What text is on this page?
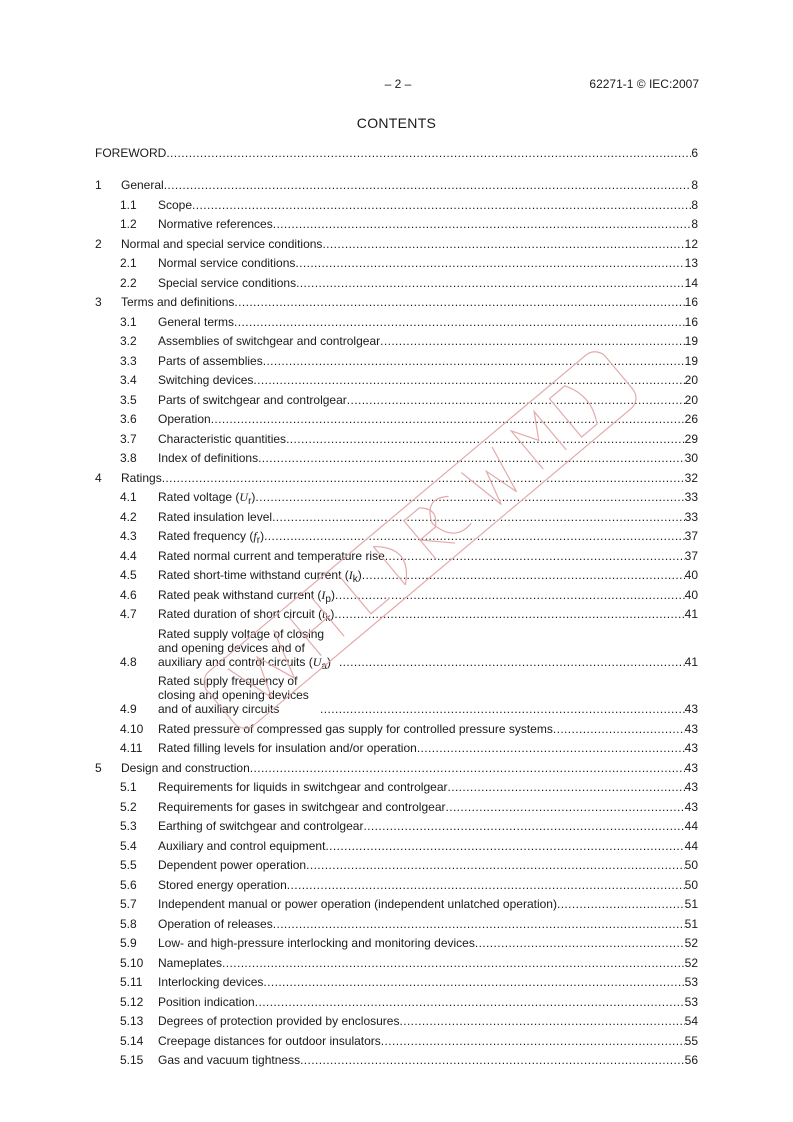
– 2 –	62271-1 © IEC:2007
CONTENTS
FOREWORD .....	6
1	General .....	8
1.1	Scope .....	8
1.2	Normative references .....	8
2	Normal and special service conditions .....	12
2.1	Normal service conditions .....	13
2.2	Special service conditions .....	14
3	Terms and definitions .....	16
3.1	General terms .....	16
3.2	Assemblies of switchgear and controlgear .....	19
3.3	Parts of assemblies .....	19
3.4	Switching devices .....	20
3.5	Parts of switchgear and controlgear .....	20
3.6	Operation .....	26
3.7	Characteristic quantities .....	29
3.8	Index of definitions .....	30
4	Ratings .....	32
4.1	Rated voltage $(U_r)$ .....	33
4.2	Rated insulation level .....	33
4.3	Rated frequency $(f_r)$ .....	37
4.4	Rated normal current and temperature rise .....	37
4.5	Rated short-time withstand current $(I_k)$ .....	40
4.6	Rated peak withstand current $(I_p)$ .....	40
4.7	Rated duration of short circuit $(t_k)$ .....	41
4.8
Rated supply voltage of closing and opening devices and of auxiliary and control circuits $(U_a)$ .....	41
4.9
Rated supply frequency of closing and opening devices and of auxiliary circuits .....	43
4.10	Rated pressure of compressed gas supply for controlled pressure systems .....	43
4.11	Rated filling levels for insulation and/or operation .....	43
5	Design and construction .....	43
5.1	Requirements for liquids in switchgear and controlgear .....	43
5.2	Requirements for gases in switchgear and controlgear .....	43
5.3	Earthing of switchgear and controlgear .....	44
5.4	Auxiliary and control equipment .....	44
5.5	Dependent power operation .....	50
5.6	Stored energy operation .....	50
5.7	Independent manual or power operation (independent unlatched operation) .....	51
5.8	Operation of releases .....	51
5.9	Low- and high-pressure interlocking and monitoring devices .....	52
5.10	Nameplates .....	52
5.11	Interlocking devices .....	53
5.12	Position indication .....	53
5.13	Degrees of protection provided by enclosures .....	54
5.14	Creepage distances for outdoor insulators .....	55
5.15	Gas and vacuum tightness .....	56
